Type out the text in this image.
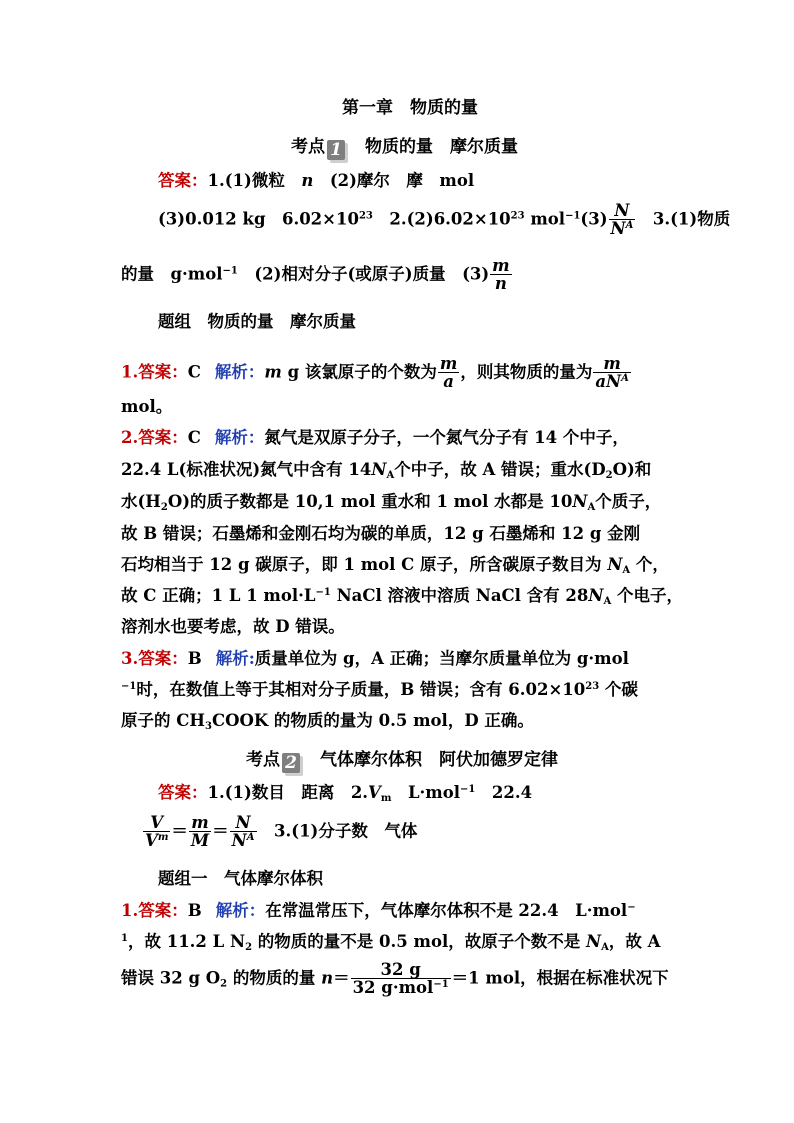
第一章　物质的量
考点 1 物质的量　摩尔质量
答案：1.(1)微粒　n　(2)摩尔　摩　mol
(3)0.012 kg　$6.02\times 10^{23}$　$2.(2)6.02\times 10^{23}$ $mol^{-1}(3) \frac{N}{N^A}$ 　3.(1)物质
的量　g·mol$^{-1}$　(2)相对分子(或原子)质量　$(3) \frac{m}{n}$
题组　物质的量　摩尔质量
1.答案：C 解析：m g 该氯原子的个数为 $\frac{m}{a}$ ，则其物质的量为 $\frac{m}{aN^A}$
mol。
2.答案：C 解析：氮气是双原子分子，一个氮气分子有 14 个中子，
22.4 L(标准状况)氮气中含有 $14N_A$个中子，故 A 错误；重水$(D_2O)$和
水$(H_2O)$的质子数都是 10,1 mol 重水和 1 mol 水都是 $10N_A$个质子，
故 B 错误；石墨烯和金刚石均为碳的单质，12 g 石墨烯和 12 g 金刚
石均相当于 12 g 碳原子，即 1 mol C 原子，所含碳原子数目为 $N_A$ 个，
故 C 正确；1 L 1 $mol\cdot L^{-1}$ NaCl 溶液中溶质 NaCl 含有 $28N_A$ 个电子，
溶剂水也要考虑，故 D 错误。
3.答案：B 解析:质量单位为 g，A 正确；当摩尔质量单位为 g·mol
$^{-1}$时，在数值上等于其相对分子质量，B 错误；含有 $6.02\times 10^{23}$ 个碳
原子的 $CH_3COOK$ 的物质的量为 0.5 mol，D 正确。
考点 2 气体摩尔体积　阿伏加德罗定律
答案：1.(1)数目　距离　$2.V_m$　L·mol$^{-1}$　22.4
$\frac{V}{V^m} = \frac{m}{M} = \frac{N}{N^A}$ 　3.(1)分子数　气体
题组一　气体摩尔体积
1.答案：B 解析：在常温常压下，气体摩尔体积不是 22.4　L·mol−
$^1$，故 11.2 L $N_2$ 的物质的量不是 0.5 mol，故原子个数不是 $N_A$，故 A
错误 32 g $O_2$ 的物质的量 $n= \frac{32 g}{32 g\cdot mol^{-1}} =1$ mol，根据在标准状况下
